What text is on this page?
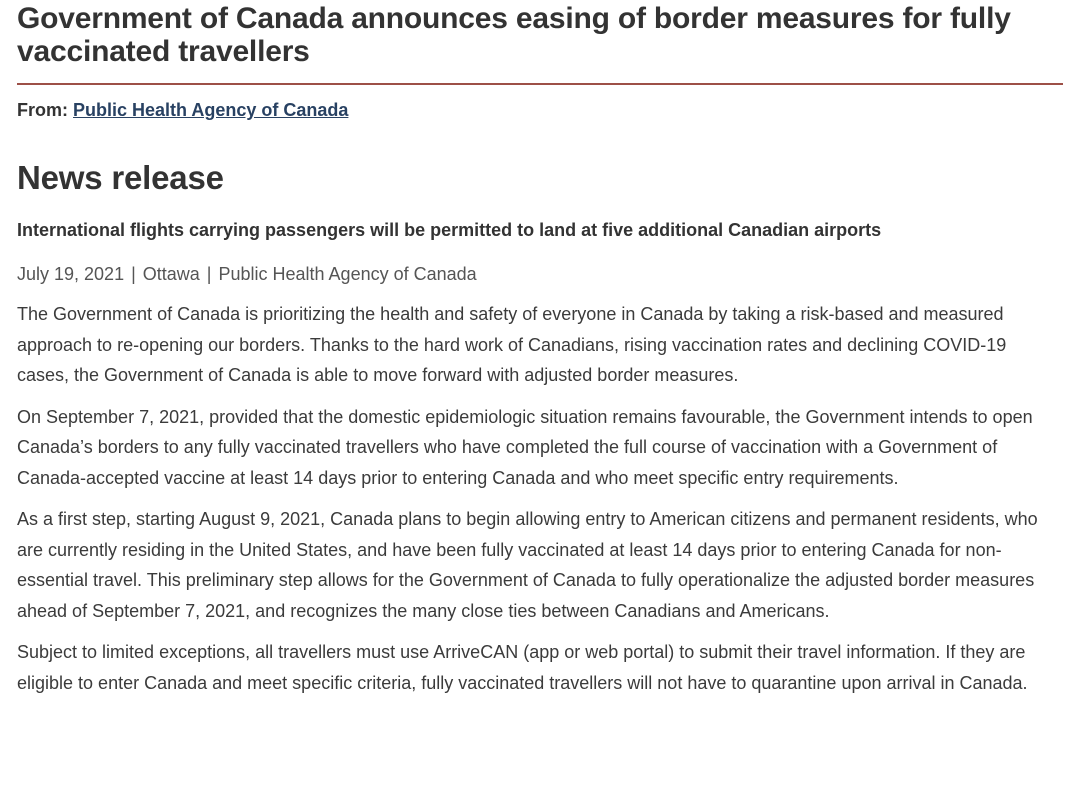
Government of Canada announces easing of border measures for fully vaccinated travellers
From: Public Health Agency of Canada
News release

International flights carrying passengers will be permitted to land at five additional Canadian airports

July 19, 2021 | Ottawa | Public Health Agency of Canada

The Government of Canada is prioritizing the health and safety of everyone in Canada by taking a risk-based and measured approach to re-opening our borders. Thanks to the hard work of Canadians, rising vaccination rates and declining COVID-19 cases, the Government of Canada is able to move forward with adjusted border measures.

On September 7, 2021, provided that the domestic epidemiologic situation remains favourable, the Government intends to open Canada’s borders to any fully vaccinated travellers who have completed the full course of vaccination with a Government of Canada-accepted vaccine at least 14 days prior to entering Canada and who meet specific entry requirements.

As a first step, starting August 9, 2021, Canada plans to begin allowing entry to American citizens and permanent residents, who are currently residing in the United States, and have been fully vaccinated at least 14 days prior to entering Canada for non-essential travel. This preliminary step allows for the Government of Canada to fully operationalize the adjusted border measures ahead of September 7, 2021, and recognizes the many close ties between Canadians and Americans.

Subject to limited exceptions, all travellers must use ArriveCAN (app or web portal) to submit their travel information. If they are eligible to enter Canada and meet specific criteria, fully vaccinated travellers will not have to quarantine upon arrival in Canada.
